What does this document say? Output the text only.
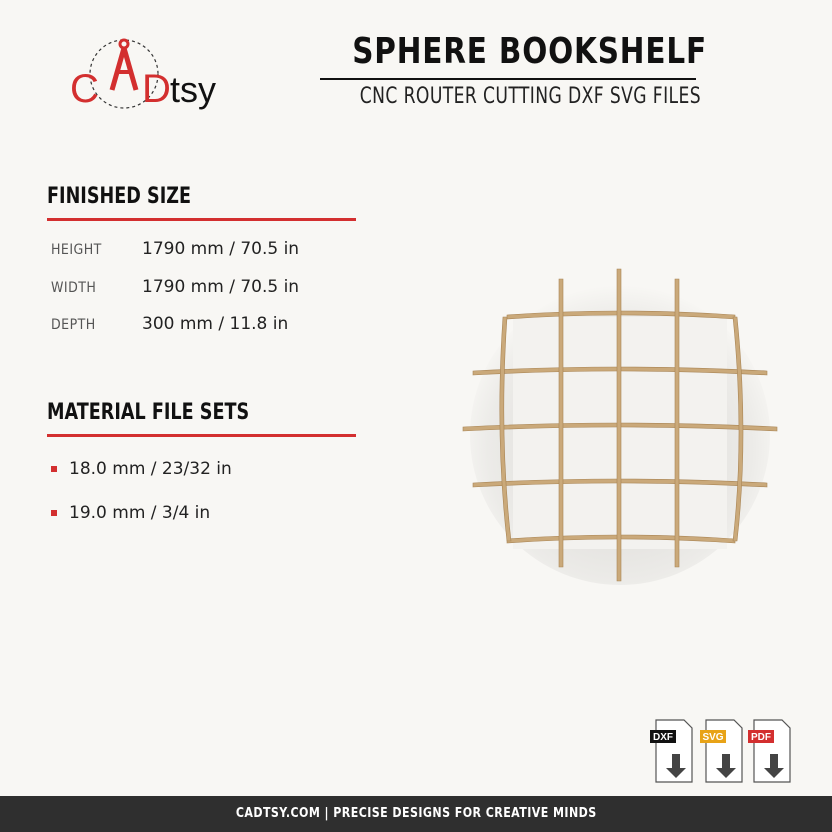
C D tsy
SPHERE BOOKSHELF
CNC ROUTER CUTTING DXF SVG FILES
FINISHED SIZE
HEIGHT 1790 mm / 70.5 in
WIDTH	1790 mm / 70.5 in
DEPTH	300 mm / 11.8 in
MATERIAL FILE SETS
18.0 mm / 23/32 in
19.0 mm / 3/4 in
DXF	SVG	PDF
CADTSY.COM | PRECISE DESIGNS FOR CREATIVE MINDS
